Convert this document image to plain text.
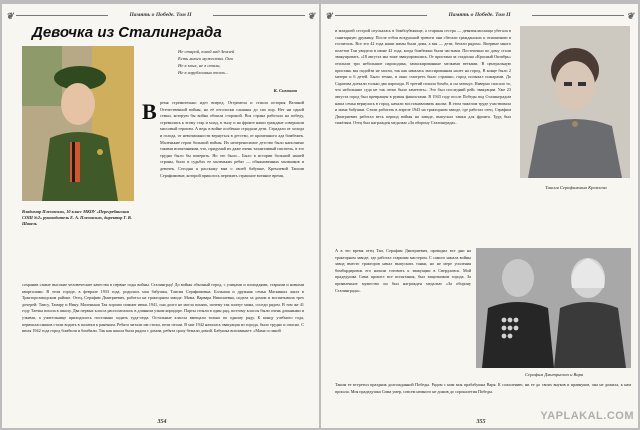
❦	Память о Победе. Том II	❦
Девочка из Сталинграда
Не старой, юной над Землей
Есть много мужества. Оно
Не в злых, не в стали,
Не в изрубленных телах...
К. Симонов
В ремя стремительно идет вперед. Отгремела и стихла история Великой Отечественной войны, но её отголоски слышны до сих пор. Нет ни одной семьи, которую бы война обошла стороной. Вся страна работала на победу, стремились к этому стар и млад, в тылу и на фронте наши граждане совершали массовый героизм. А ведь в войне особенно страдали дети. Страдали от холода и голода, от невозможности вернуться в детство, от кромешного ада бомбежек. Маленькие герои большой войны. Их непереносимое детство было наполнено такими испытаниями, что, придумай их даже очень талантливый писатель, в это трудно было бы поверить. Но это было... Было в истории большой нашей страны, было в судьбах ее маленьких ребят — обыкновенных мальчиков и девочек. Сегодня я расскажу вам о своей бабушке, Кремлевой Таисии Серафимовне, которой пришлось пережить страшное военное время,
Владимир Плесовских, 10 класс МКОУ «Перегребинская СОШ №2» руководитель Е. А. Плесовских, директор Г. В. Шавель
сохранив самые высокие человеческие качества в первые годы войны. Сталинград! До войны обычный город, с улицами и площадями, старыми и новыми кварталами. В этом городе, в феврале 1933 года, родилась моя бабушка, Таисия Серафимовна. Большая и дружная семья Маскиных жила в Тракторозаводском районе. Отец, Серафим Дмитриевич, работал на тракторном заводе. Мама, Варвара Николаевна, сидела за домом и воспитывала трех дочерей: Таису, Тамару и Нину. Маленькая Тая хорошо помнит июнь 1941, она долго не могла понять, почему так плачут мама, соседи рядом. В том же 41 году Таечка пошла в школу. Два первых класса располагались в длинном узком коридоре. Парты стояли в один ряд, поэтому классы были очень длинными и узкими, а учительнице приходилось постоянно ходить туда-сюда. Остальные классы вмещали только по одному ряду. К концу учебного года, первоклассников стали водить в палатки к раненым. Ребята читали им стихи, пели песни. В мае 1942 началась эвакуация из города, было трудно и опасно. С июля 1942 года город бомбили и бомбили. Так как школа была рядом с домом, ребята сразу бежали домой. Бабушка вспоминает: «Мама со мной
354
❦	Память о Победе. Том II	❦
и младшей сестрой спускалась в бомбоубежище, а старшая сестра — девятиклассница убегала в санитарную дружину. После отбоя воздушной тревоги они сбегали гражданских к отношению в госпиталь. Все это 42 года наши мамы были дома, а мы — дети, бегали рядом». Впервые много полетов Таи увидела в июне 42 года, когда бомбежки были частыми. Постепенно по дому стали эвакуировать. «18 августа мы тоже эвакуировались. От пристани за стадиона «Красный Октябрь» отплыли три небольшие пароходика, замаскированные мелкими ветками. В центральную пристань мы подойти не могли, так как началась массированная налет на город. В конце было 2 матери и 6 детей. Было темно, в окно смотреть было страшно, город полыхал пожарами. До Саратова доехали только два парохода. В третий попала бомба, и он затонул. Наверно спасало то, что небольшие суда не так легко было заметить». Это был последний рейс эвакуации. Уже 23 августа город был превращен в руины фашистами. В 1943 году после Победы под Сталинградом наша семья вернулась в город, начали восстанавливать жилье. В этом тяжелом труде участвовала и мама бабушки. Стали работать в апреле 1943 на тракторном заводе, где работал отец. Серафим Дмитриевич работал весь период войны на заводе, выпускал танки для фронта. Труд был тяжёлым. Отец был награжден медалью «За оборону Сталинграда».
Таисия Серафимовна Кремлева
А в это время отец Таи, Серафим Дмитриевич, проводил все дни на тракторном заводе, где работал старшим мастером. С самого начала войны завод вместо тракторов начал выпускать танки, но не мере усиления бомбардировок его начали готовить к эвакуации в Свердловск. Мой прадедушка Сима прошел все испытания, был защитником города. За проявленное мужество он был награжден медалью «За оборону Сталинграда».
Серафим Дмитриевич и Варя
Таким ее встретил праздник долгожданной Победы. Рядом с ним моя прабабушка Варя. К сожалению, ни ее до своих внуков и правнуков, она не дожила, к нам прошла. Моя прадедушка Сима умер, совсем немного не дожив до сорокалетия Победы.
355	YAPLAKAL.COM
